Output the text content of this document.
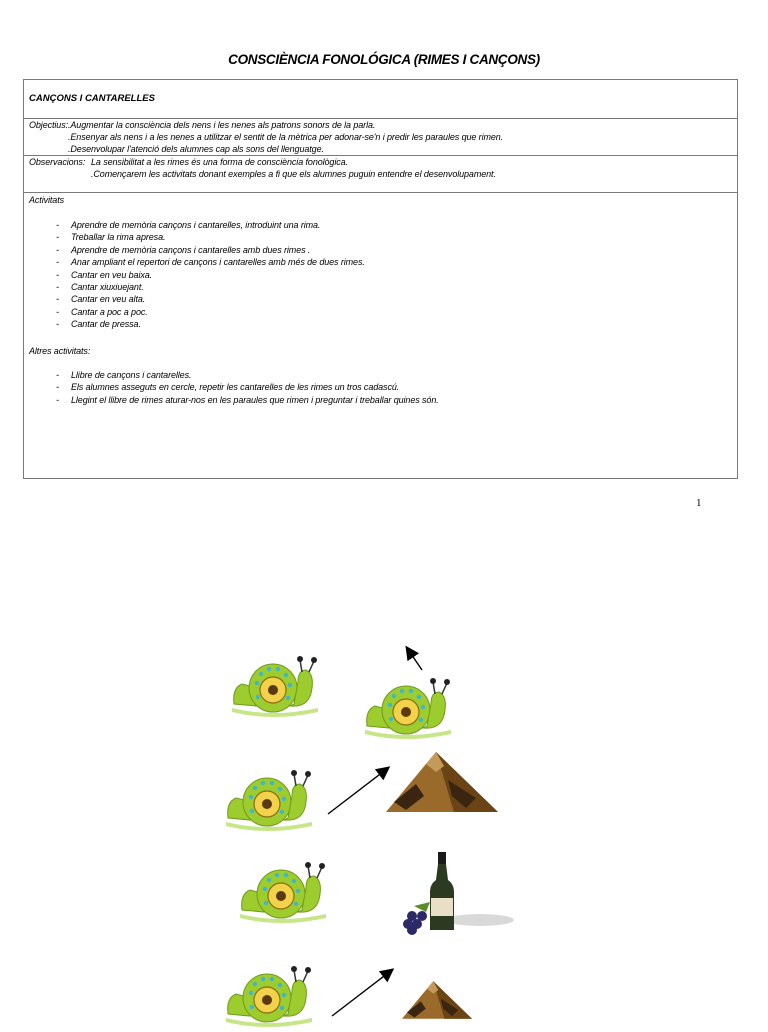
CONSCIÈNCIA FONOLÓGICA (RIMES I CANÇONS)
CANÇONS I CANTARELLES
Objectius: .Augmentar la consciència dels nens i les nenes als patrons sonors de la parla.
.Ensenyar als nens i a les nenes a utilitzar el sentit de la mètrica per adonar-se'n i predir les paraules que rimen.
.Desenvolupar l'atenció dels alumnes cap als sons del llenguatge.
Observacions: La sensibilitat a les rimes és una forma de consciència fonològica.
.Començarem les activitats donant exemples a fi que els alumnes puguin entendre el desenvolupament.
Activitats
- Aprendre de memòria cançons i cantarelles, introduint una rima.
- Treballar la rima apresa.
- Aprendre de memòria cançons i cantarelles amb dues rimes .
- Anar ampliant el repertori de cançons i cantarelles amb més de dues rimes.
- Cantar en veu baixa.
- Cantar xiuxiuejant.
- Cantar en veu alta.
- Cantar a poc a poc.
- Cantar de pressa.
Altres activitats:
- Llibre de cançons i cantarelles.
- Els alumnes asseguts en cercle, repetir les cantarelles de les rimes un tros cadascú.
- Llegint el llibre de rimes aturar-nos en les paraules que rimen i preguntar i treballar quines són.
1
